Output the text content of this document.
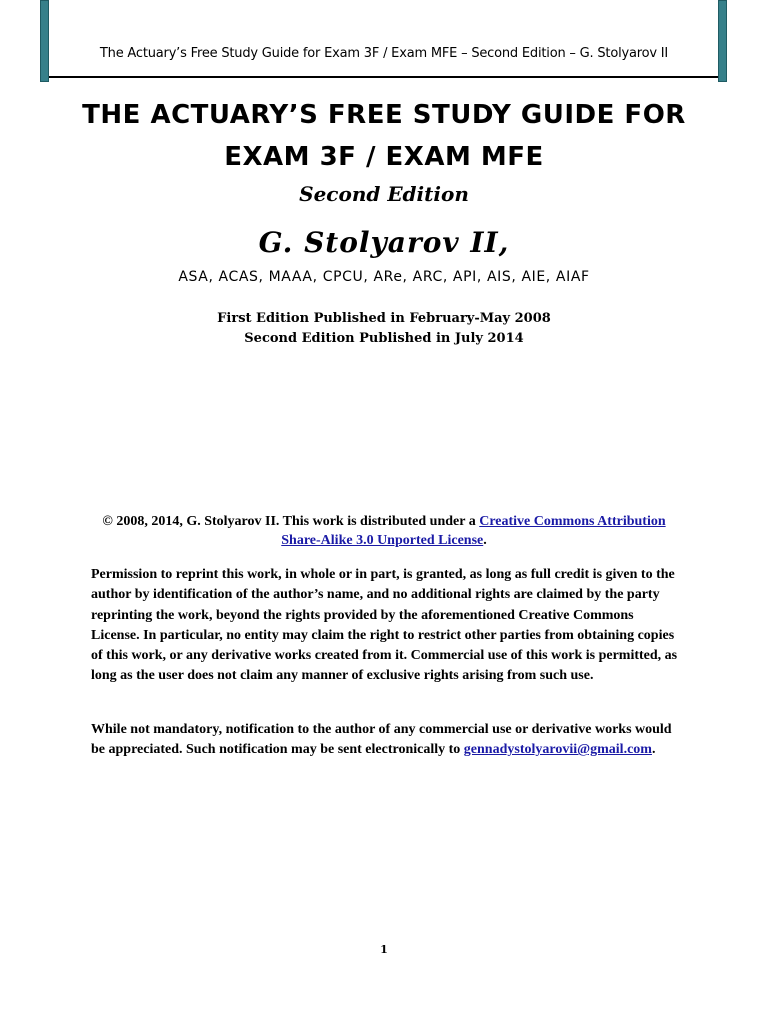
The Actuary’s Free Study Guide for Exam 3F / Exam MFE – Second Edition – G. Stolyarov II
THE ACTUARY’S FREE STUDY GUIDE FOR
EXAM 3F / EXAM MFE
Second Edition
G. Stolyarov II,
ASA, ACAS, MAAA, CPCU, ARe, ARC, API, AIS, AIE, AIAF
First Edition Published in February-May 2008
Second Edition Published in July 2014
© 2008, 2014, G. Stolyarov II. This work is distributed under a Creative Commons Attribution Share-Alike 3.0 Unported License.
Permission to reprint this work, in whole or in part, is granted, as long as full credit is given to the author by identification of the author’s name, and no additional rights are claimed by the party reprinting the work, beyond the rights provided by the aforementioned Creative Commons License. In particular, no entity may claim the right to restrict other parties from obtaining copies of this work, or any derivative works created from it. Commercial use of this work is permitted, as long as the user does not claim any manner of exclusive rights arising from such use.
While not mandatory, notification to the author of any commercial use or derivative works would be appreciated. Such notification may be sent electronically to gennadystolyarovii@gmail.com.
1
